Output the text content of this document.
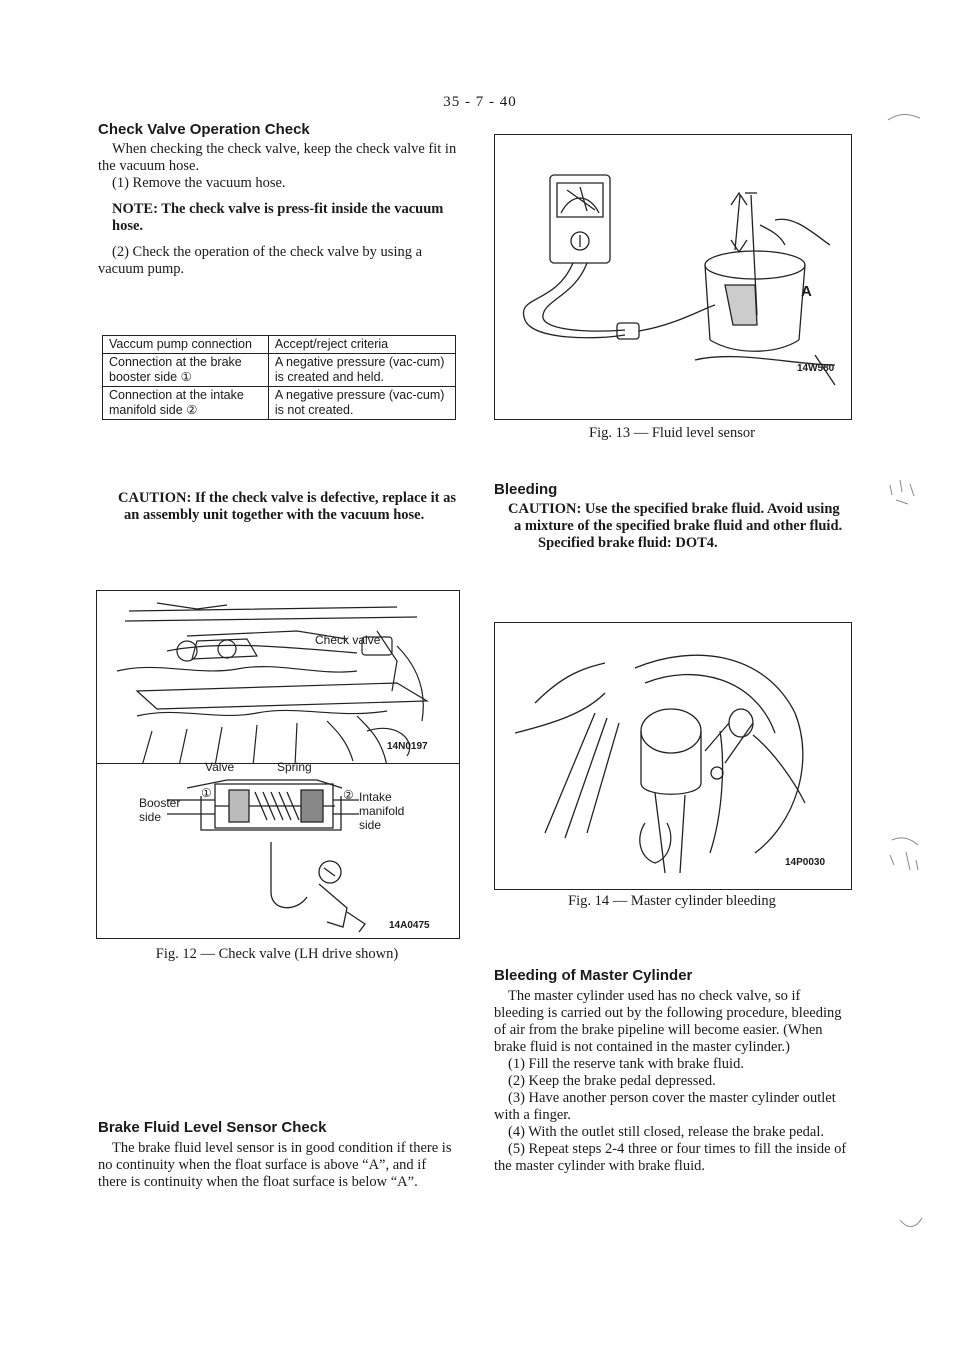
35 - 7 - 40
Check Valve Operation Check
When checking the check valve, keep the check valve fit in the vacuum hose.
(1) Remove the vacuum hose.
NOTE: The check valve is press-fit inside the vacuum hose.
(2) Check the operation of the check valve by using a vacuum pump.
Vaccum pump connection	Accept/reject criteria
Connection at the brake booster side ①	A negative pressure (vac-cum) is created and held.
Connection at the intake manifold side ②	A negative pressure (vac-cum) is not created.
CAUTION: If the check valve is defective, replace it as an assembly unit together with the vacuum hose.
Check valve
14N0197
Valve	Spring
Booster side
①	② Intake manifold side
14A0475
Fig. 12 — Check valve (LH drive shown)
Brake Fluid Level Sensor Check
The brake fluid level sensor is in good condition if there is no continuity when the float surface is above “A”, and if there is continuity when the float surface is below “A”.
A
14W580
Fig. 13 — Fluid level sensor
Bleeding
CAUTION: Use the specified brake fluid. Avoid using a mixture of the specified brake fluid and other fluid.
Specified brake fluid: DOT4.
14P0030
Fig. 14 — Master cylinder bleeding
Bleeding of Master Cylinder
The master cylinder used has no check valve, so if bleeding is carried out by the following procedure, bleeding of air from the brake pipeline will become easier. (When brake fluid is not contained in the master cylinder.)
(1) Fill the reserve tank with brake fluid.
(2) Keep the brake pedal depressed.
(3) Have another person cover the master cylinder outlet with a finger.
(4) With the outlet still closed, release the brake pedal.
(5) Repeat steps 2-4 three or four times to fill the inside of the master cylinder with brake fluid.
